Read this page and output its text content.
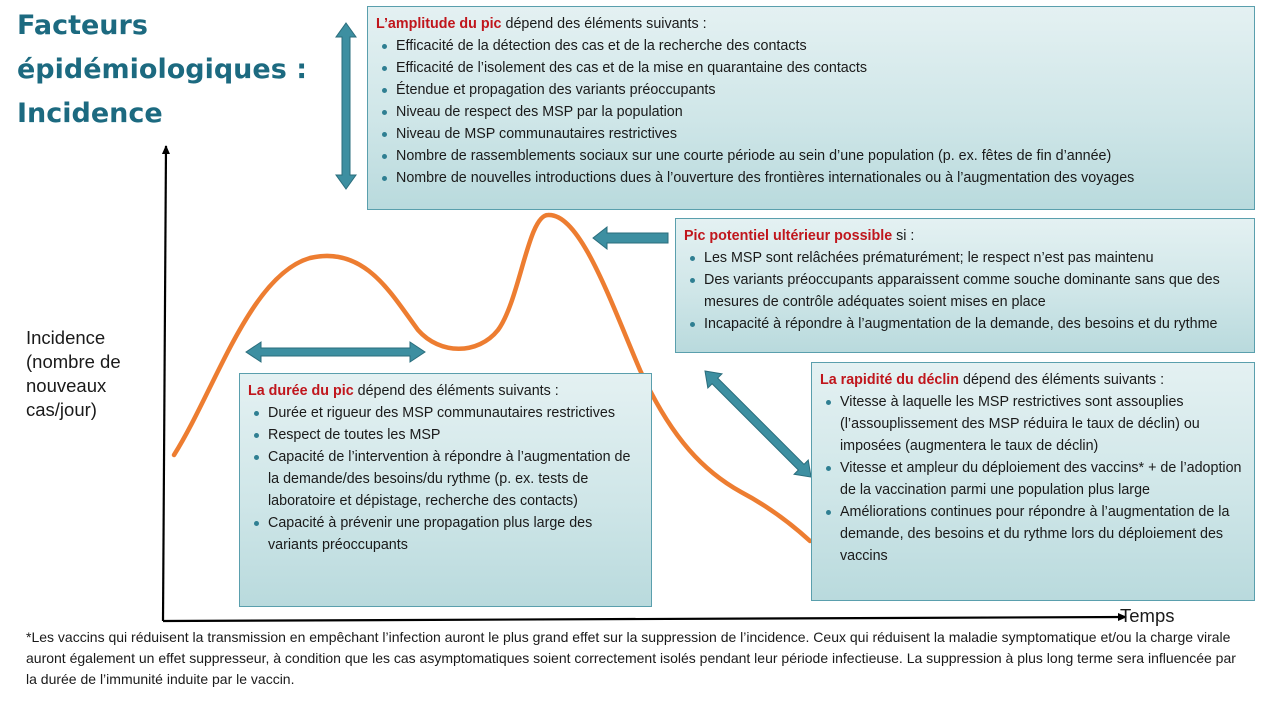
Facteurs épidémiologiques : Incidence
Incidence (nombre de nouveaux cas/jour)
Temps

L’amplitude du pic dépend des éléments suivants :

Efficacité de la détection des cas et de la recherche des contacts
Efficacité de l’isolement des cas et de la mise en quarantaine des contacts
Étendue et propagation des variants préoccupants
Niveau de respect des MSP par la population
Niveau de MSP communautaires restrictives
Nombre de rassemblements sociaux sur une courte période au sein d’une population (p. ex. fêtes de fin d’année)
Nombre de nouvelles introductions dues à l’ouverture des frontières internationales ou à l’augmentation des voyages

Pic potentiel ultérieur possible si :

Les MSP sont relâchées prématurément; le respect n’est pas maintenu
Des variants préoccupants apparaissent comme souche dominante sans que des mesures de contrôle adéquates soient mises en place
Incapacité à répondre à l’augmentation de la demande, des besoins et du rythme

La durée du pic dépend des éléments suivants :

Durée et rigueur des MSP communautaires restrictives
Respect de toutes les MSP
Capacité de l’intervention à répondre à l’augmentation de la demande/des besoins/du rythme (p. ex. tests de laboratoire et dépistage, recherche des contacts)
Capacité à prévenir une propagation plus large des variants préoccupants

La rapidité du déclin dépend des éléments suivants :

Vitesse à laquelle les MSP restrictives sont assouplies (l’assouplissement des MSP réduira le taux de déclin) ou imposées (augmentera le taux de déclin)
Vitesse et ampleur du déploiement des vaccins* + de l’adoption de la vaccination parmi une population plus large
Améliorations continues pour répondre à l’augmentation de la demande, des besoins et du rythme lors du déploiement des vaccins
*Les vaccins qui réduisent la transmission en empêchant l’infection auront le plus grand effet sur la suppression de l’incidence. Ceux qui réduisent la maladie symptomatique et/ou la charge virale auront également un effet suppresseur, à condition que les cas asymptomatiques soient correctement isolés pendant leur période infectieuse. La suppression à plus long terme sera influencée par la durée de l’immunité induite par le vaccin.
